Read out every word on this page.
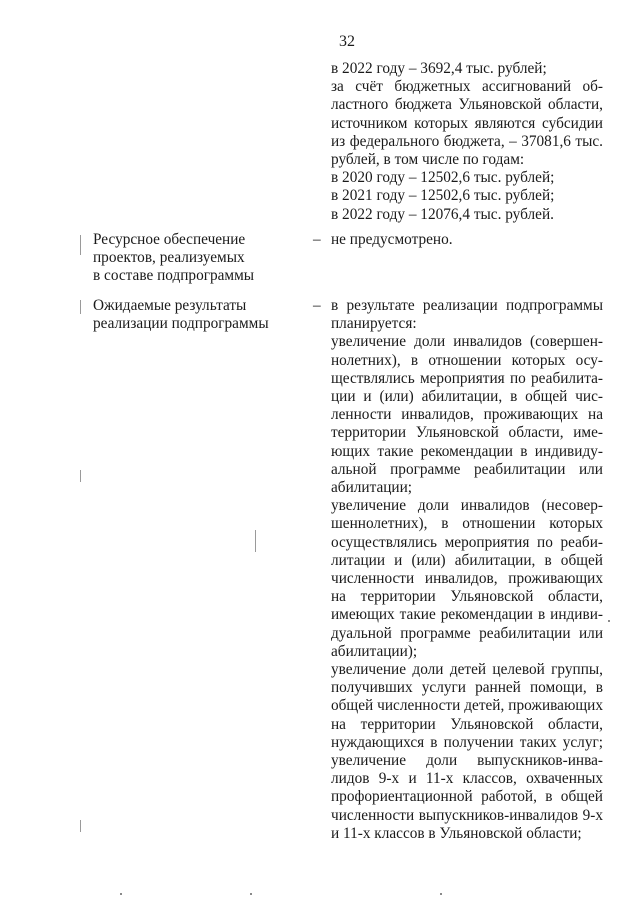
32
в 2022 году – 3692,4 тыс. рублей;
за счёт бюджетных ассигнований об-
ластного бюджета Ульяновской области,
источником которых являются субсидии
из федерального бюджета, – 37081,6 тыс.
рублей, в том числе по годам:
в 2020 году – 12502,6 тыс. рублей;
в 2021 году – 12502,6 тыс. рублей;
в 2022 году – 12076,4 тыс. рублей.
Ресурсное обеспечение
проектов, реализуемых
в составе подпрограммы
– не предусмотрено.
Ожидаемые результаты
реализации подпрограммы
– в результате реализации подпрограммы
планируется:
увеличение доли инвалидов (совершен-
нолетних), в отношении которых осу-
ществлялись мероприятия по реабилита-
ции и (или) абилитации, в общей чис-
ленности инвалидов, проживающих на
территории Ульяновской области, име-
ющих такие рекомендации в индивиду-
альной программе реабилитации или
абилитации;
увеличение доли инвалидов (несовер-
шеннолетних), в отношении которых
осуществлялись мероприятия по реаби-
литации и (или) абилитации, в общей
численности инвалидов, проживающих
на территории Ульяновской области,
имеющих такие рекомендации в индиви-
дуальной программе реабилитации или
абилитации);
увеличение доли детей целевой группы,
получивших услуги ранней помощи, в
общей численности детей, проживающих
на территории Ульяновской области,
нуждающихся в получении таких услуг;
увеличение доли выпускников-инва-
лидов 9-х и 11-х классов, охваченных
профориентационной работой, в общей
численности выпускников-инвалидов 9-х
и 11-х классов в Ульяновской области;
